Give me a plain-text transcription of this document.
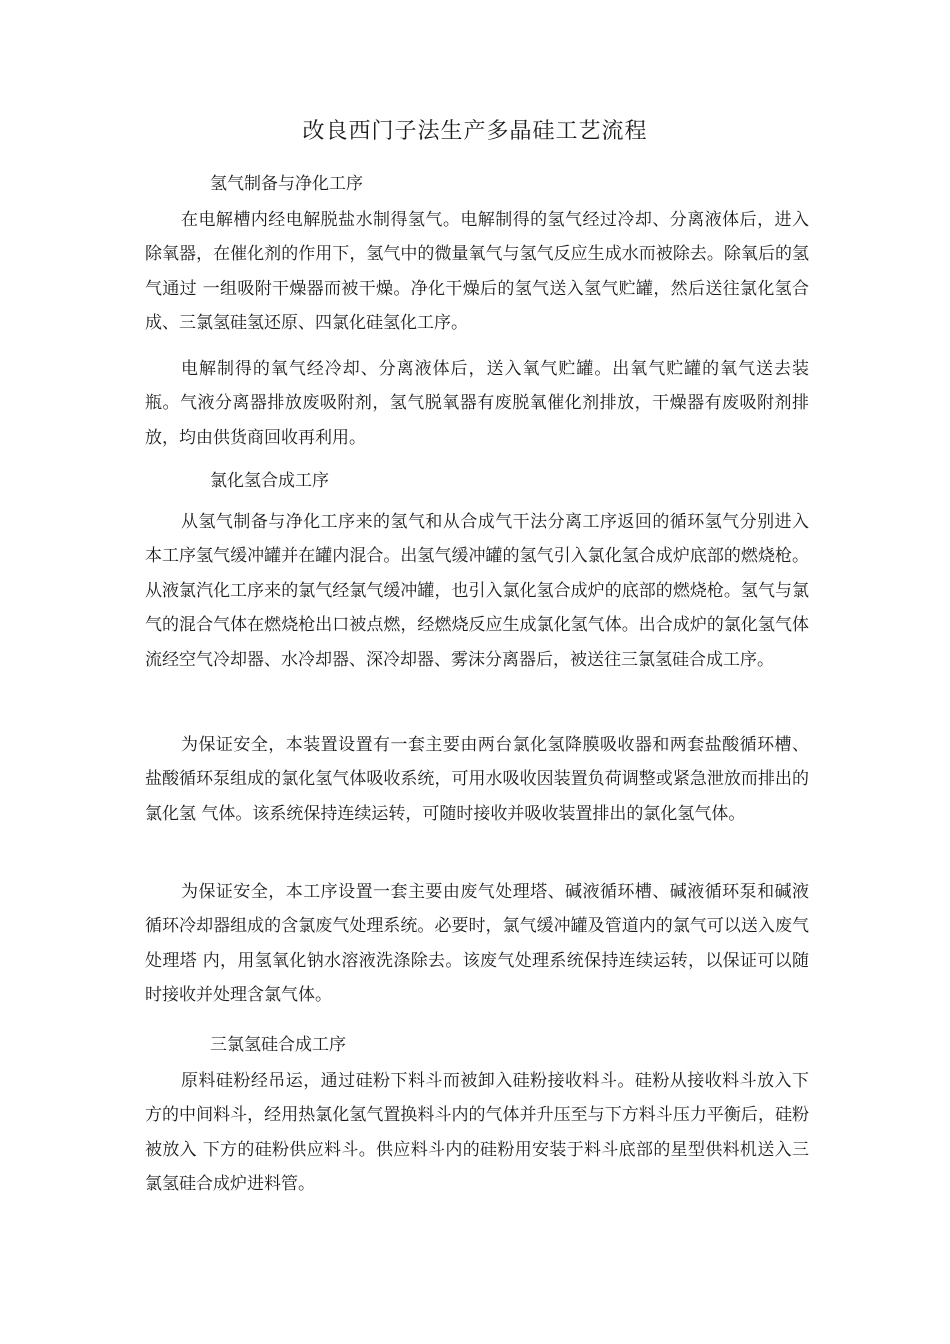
改良西门子法生产多晶硅工艺流程
氢气制备与净化工序

在电解槽内经电解脱盐水制得氢气。电解制得的氢气经过冷却、分离液体后，进入除氧器，在催化剂的作用下，氢气中的微量氧气与氢气反应生成水而被除去。除氧后的氢气通过 一组吸附干燥器而被干燥。净化干燥后的氢气送入氢气贮罐，然后送往氯化氢合成、三氯氢硅氢还原、四氯化硅氢化工序。

电解制得的氧气经冷却、分离液体后，送入氧气贮罐。出氧气贮罐的氧气送去装瓶。气液分离器排放废吸附剂，氢气脱氧器有废脱氧催化剂排放，干燥器有废吸附剂排放，均由供货商回收再利用。

氯化氢合成工序

从氢气制备与净化工序来的氢气和从合成气干法分离工序返回的循环氢气分别进入本工序氢气缓冲罐并在罐内混合。出氢气缓冲罐的氢气引入氯化氢合成炉底部的燃烧枪。从液氯汽化工序来的氯气经氯气缓冲罐，也引入氯化氢合成炉的底部的燃烧枪。氢气与氯气的混合气体在燃烧枪出口被点燃，经燃烧反应生成氯化氢气体。出合成炉的氯化氢气体流经空气冷却器、水冷却器、深冷却器、雾沫分离器后，被送往三氯氢硅合成工序。

为保证安全，本装置设置有一套主要由两台氯化氢降膜吸收器和两套盐酸循环槽、盐酸循环泵组成的氯化氢气体吸收系统，可用水吸收因装置负荷调整或紧急泄放而排出的氯化氢 气体。该系统保持连续运转，可随时接收并吸收装置排出的氯化氢气体。

为保证安全，本工序设置一套主要由废气处理塔、碱液循环槽、碱液循环泵和碱液循环冷却器组成的含氯废气处理系统。必要时，氯气缓冲罐及管道内的氯气可以送入废气处理塔 内，用氢氧化钠水溶液洗涤除去。该废气处理系统保持连续运转，以保证可以随时接收并处理含氯气体。

三氯氢硅合成工序

原料硅粉经吊运，通过硅粉下料斗而被卸入硅粉接收料斗。硅粉从接收料斗放入下方的中间料斗，经用热氯化氢气置换料斗内的气体并升压至与下方料斗压力平衡后，硅粉被放入 下方的硅粉供应料斗。供应料斗内的硅粉用安装于料斗底部的星型供料机送入三氯氢硅合成炉进料管。
